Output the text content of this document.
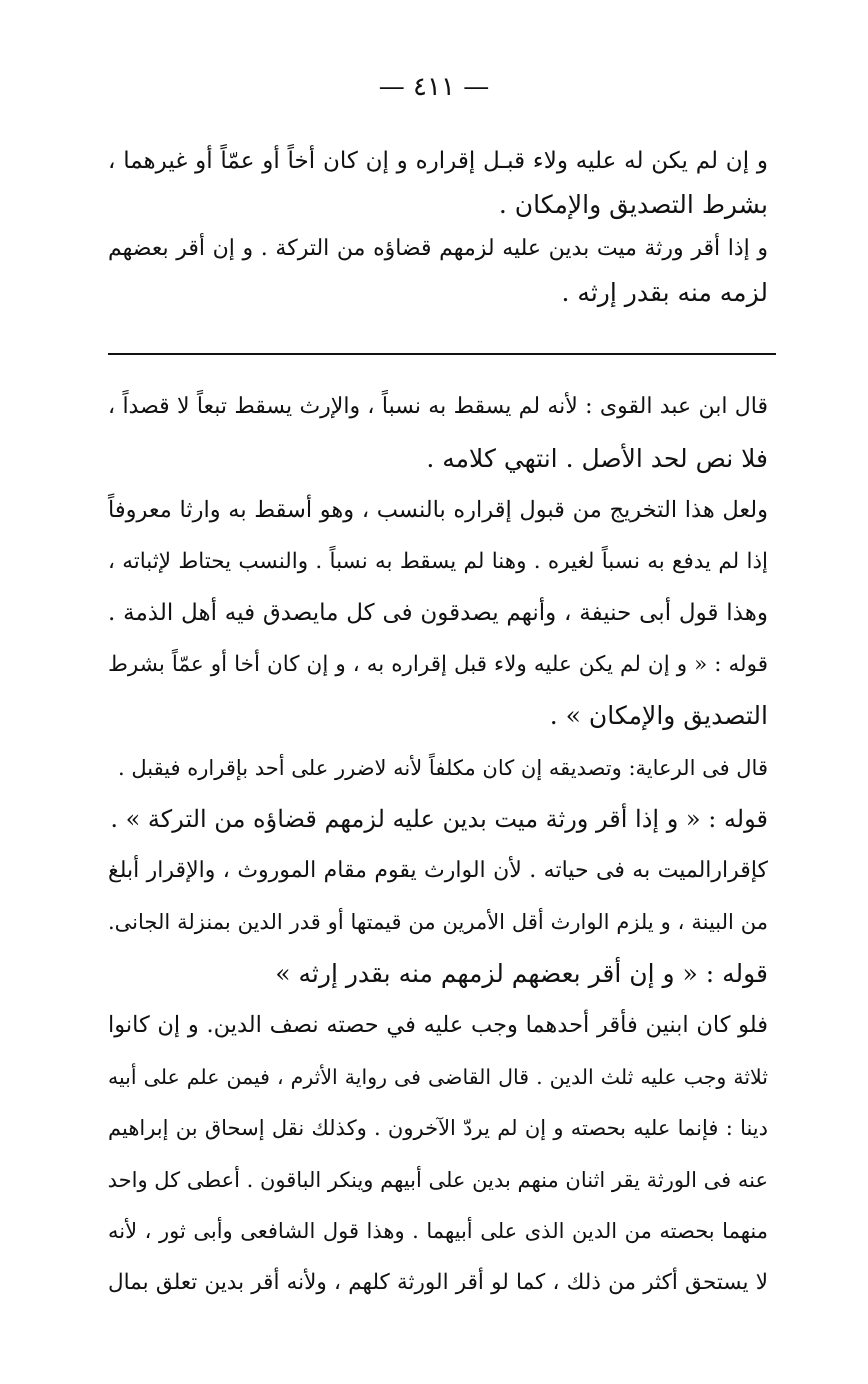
— ٤١١ —
و إن لم يكن له عليه ولاء قبـل إقراره و إن كان أخاً أو عمّاً أو غيرهما ،
بشرط التصديق والإمكان .
و إذا أقر ورثة ميت بدين عليه لزمهم قضاؤه من التركة . و إن أقر بعضهم
لزمه منه بقدر إرثه .
قال ابن عبد القوى : لأنه لم يسقط به نسباً ، والإرث يسقط تبعاً لا قصداً ،
فلا نص لحد الأصل . انتهي كلامه .
ولعل هذا التخريج من قبول إقراره بالنسب ، وهو أسقط به وارثا معروفاً
إذا لم يدفع به نسباً لغيره . وهنا لم يسقط به نسباً . والنسب يحتاط لإثباته ،
وهذا قول أبى حنيفة ، وأنهم يصدقون فى كل مايصدق فيه أهل الذمة .
قوله : « و إن لم يكن عليه ولاء قبل إقراره به ، و إن كان أخا أو عمّاً بشرط
التصديق والإمكان » .
قال فى الرعاية: وتصديقه إن كان مكلفاً لأنه لاضرر على أحد بإقراره فيقبل .
قوله : « و إذا أقر ورثة ميت بدين عليه لزمهم قضاؤه من التركة » .
كإقرارالميت به فى حياته . لأن الوارث يقوم مقام الموروث ، والإقرار أبلغ
من البينة ، و يلزم الوارث أقل الأمرين من قيمتها أو قدر الدين بمنزلة الجانى.
قوله : « و إن أقر بعضهم لزمهم منه بقدر إرثه »
فلو كان ابنين فأقر أحدهما وجب عليه في حصته نصف الدين. و إن كانوا
ثلاثة وجب عليه ثلث الدين . قال القاضى فى رواية الأثرم ، فيمن علم على أبيه
دينا : فإنما عليه بحصته و إن لم يردّ الآخرون . وكذلك نقل إسحاق بن إبراهيم
عنه فى الورثة يقر اثنان منهم بدين على أبيهم وينكر الباقون . أعطى كل واحد
منهما بحصته من الدين الذى على أبيهما . وهذا قول الشافعى وأبى ثور ، لأنه
لا يستحق أكثر من ذلك ، كما لو أقر الورثة كلهم ، ولأنه أقر بدين تعلق بمال
